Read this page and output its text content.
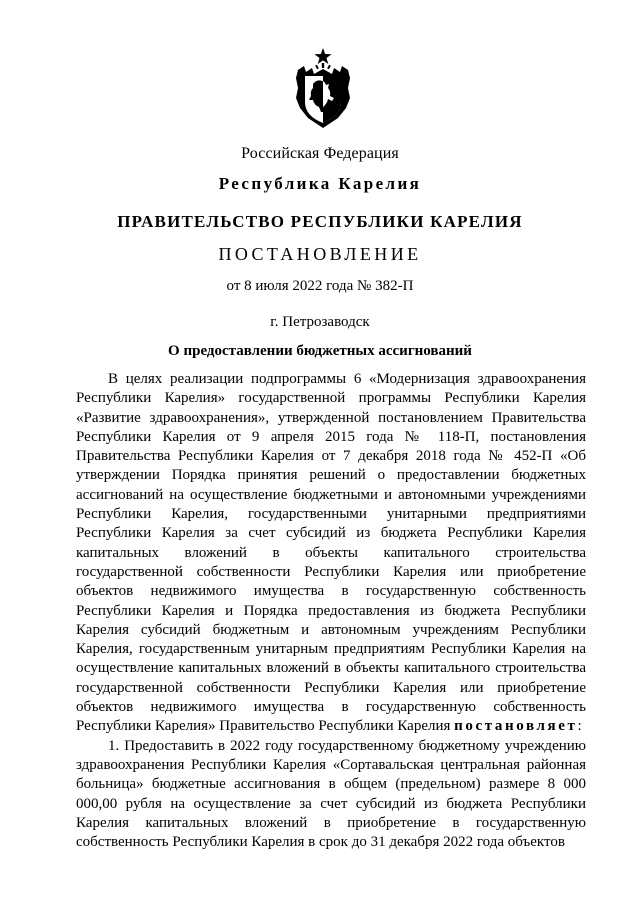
Российская Федерация
Республика Карелия
ПРАВИТЕЛЬСТВО РЕСПУБЛИКИ КАРЕЛИЯ
ПОСТАНОВЛЕНИЕ
от 8 июля 2022 года № 382-П
г. Петрозаводск
О предоставлении бюджетных ассигнований

В целях реализации подпрограммы 6 «Модернизация здравоохранения Республики Карелия» государственной программы Республики Карелия «Развитие здравоохранения», утвержденной постановлением Правительства Республики Карелия от 9 апреля 2015 года № 118-П, постановления Правительства Республики Карелия от 7 декабря 2018 года № 452-П «Об утверждении Порядка принятия решений о предоставлении бюджетных ассигнований на осуществление бюджетными и автономными учреждениями Республики Карелия, государственными унитарными предприятиями Республики Карелия за счет субсидий из бюджета Республики Карелия капитальных вложений в объекты капитального строительства государственной собственности Республики Карелия или приобретение объектов недвижимого имущества в государственную собственность Республики Карелия и Порядка предоставления из бюджета Республики Карелия субсидий бюджетным и автономным учреждениям Республики Карелия, государственным унитарным предприятиям Республики Карелия на осуществление капитальных вложений в объекты капитального строительства государственной собственности Республики Карелия или приобретение объектов недвижимого имущества в государственную собственность Республики Карелия» Правительство Республики Карелия постановляет:

1. Предоставить в 2022 году государственному бюджетному учреждению здравоохранения Республики Карелия «Сортавальская центральная районная больница» бюджетные ассигнования в общем (предельном) размере 8 000 000,00 рубля на осуществление за счет субсидий из бюджета Республики Карелия капитальных вложений в приобретение в государственную собственность Республики Карелия в срок до 31 декабря 2022 года объектов
